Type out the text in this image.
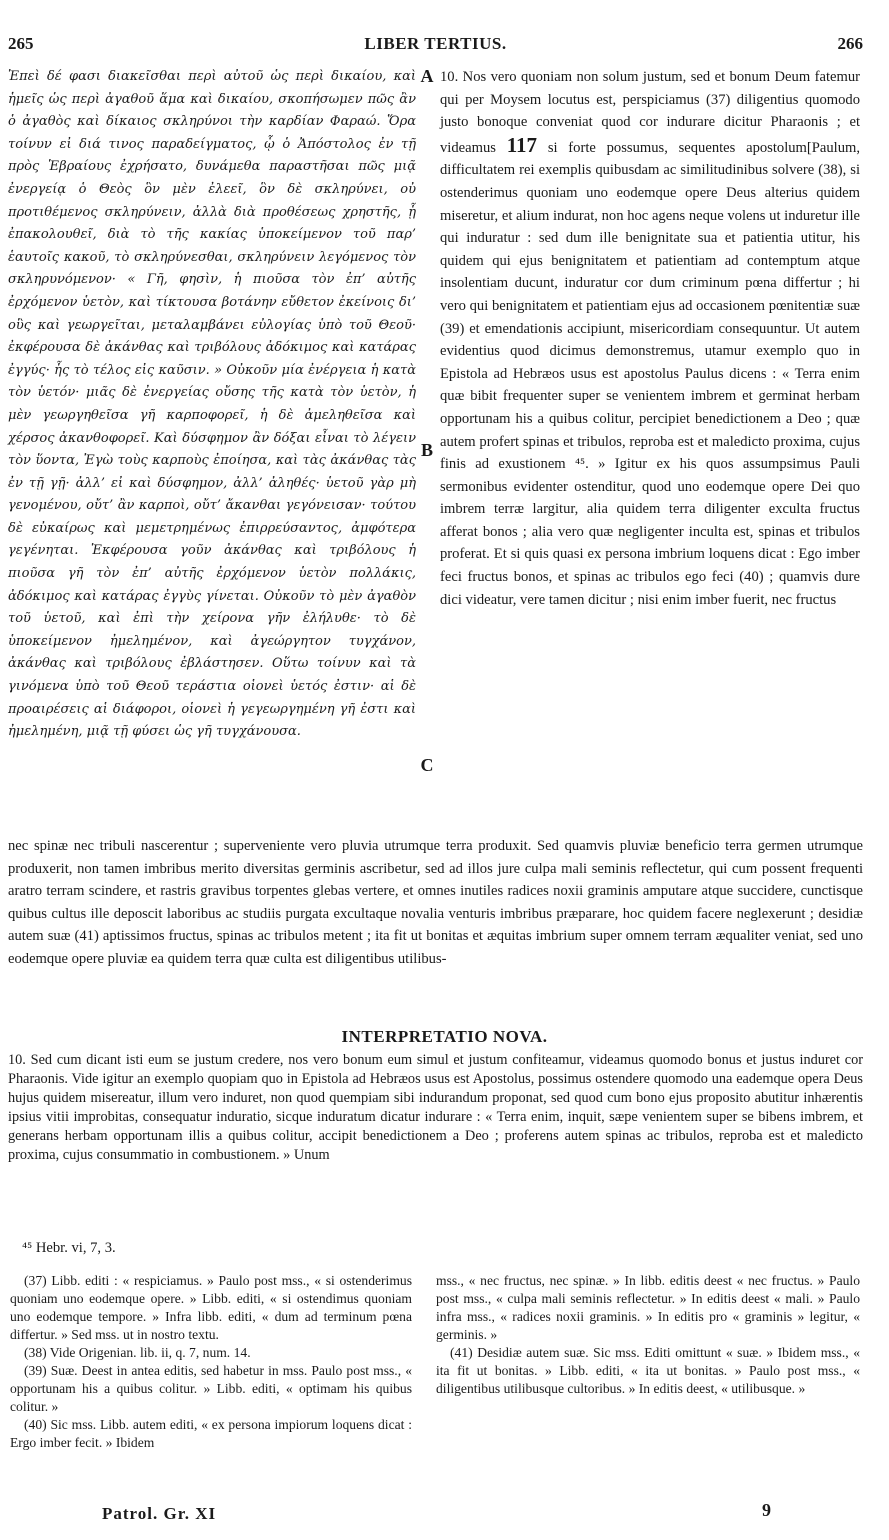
265	LIBER TERTIUS.	266
Ἐπεὶ δέ φασι διακεῖσθαι περὶ αὐτοῦ ὡς περὶ δικαίου, καὶ ἡμεῖς ὡς περὶ ἀγαθοῦ ἅμα καὶ δικαίου, σκοπήσωμεν πῶς ἂν ὁ ἀγαθὸς καὶ δίκαιος σκληρύνοι τὴν καρδίαν Φαραώ. Ὅρα τοίνυν εἰ διά τινος παραδείγματος, ᾧ ὁ Ἀπόστολος ἐν τῇ πρὸς Ἑβραίους ἐχρήσατο, δυνάμεθα παραστῆσαι πῶς μιᾷ ἐνεργείᾳ ὁ Θεὸς ὃν μὲν ἐλεεῖ, ὃν δὲ σκληρύνει, οὐ προτιθέμενος σκληρύνειν, ἀλλὰ διὰ προθέσεως χρηστῆς, ᾗ ἐπακολουθεῖ, διὰ τὸ τῆς κακίας ὑποκείμενον τοῦ παρ’ ἑαυτοῖς κακοῦ, τὸ σκληρύνεσθαι, σκληρύνειν λεγόμενος τὸν σκληρυνόμενον· « Γῆ, φησὶν, ἡ πιοῦσα τὸν ἐπ’ αὐτῆς ἐρχόμενον ὑετὸν, καὶ τίκτουσα βοτάνην εὔθετον ἐκείνοις δι’ οὓς καὶ γεωργεῖται, μεταλαμβάνει εὐλογίας ὑπὸ τοῦ Θεοῦ· ἐκφέρουσα δὲ ἀκάνθας καὶ τριβόλους ἀδόκιμος καὶ κατάρας ἐγγύς· ἧς τὸ τέλος εἰς καῦσιν. » Οὐκοῦν μία ἐνέργεια ἡ κατὰ τὸν ὑετόν· μιᾶς δὲ ἐνεργείας οὔσης τῆς κατὰ τὸν ὑετὸν, ἡ μὲν γεωργηθεῖσα γῆ καρποφορεῖ, ἡ δὲ ἀμεληθεῖσα καὶ χέρσος ἀκανθοφορεῖ. Καὶ δύσφημον ἂν δόξαι εἶναι τὸ λέγειν τὸν ὕοντα, Ἐγὼ τοὺς καρποὺς ἐποίησα, καὶ τὰς ἀκάνθας τὰς ἐν τῇ γῇ· ἀλλ’ εἰ καὶ δύσφημον, ἀλλ’ ἀληθές· ὑετοῦ γὰρ μὴ γενομένου, οὔτ’ ἂν καρποὶ, οὔτ’ ἄκανθαι γεγόνεισαν· τούτου δὲ εὐκαίρως καὶ μεμετρημένως ἐπιρρεύσαντος, ἀμφότερα γεγένηται. Ἐκφέρουσα γοῦν ἀκάνθας καὶ τριβόλους ἡ πιοῦσα γῆ τὸν ἐπ’ αὐτῆς ἐρχόμενον ὑετὸν πολλάκις, ἀδόκιμος καὶ κατάρας ἐγγὺς γίνεται. Οὐκοῦν τὸ μὲν ἀγαθὸν τοῦ ὑετοῦ, καὶ ἐπὶ τὴν χείρονα γῆν ἐλήλυθε· τὸ δὲ ὑποκείμενον ἠμελημένον, καὶ ἀγεώργητον τυγχάνον, ἀκάνθας καὶ τριβόλους ἐβλάστησεν. Οὕτω τοίνυν καὶ τὰ γινόμενα ὑπὸ τοῦ Θεοῦ τεράστια οἱονεὶ ὑετός ἐστιν· αἱ δὲ προαιρέσεις αἱ διάφοροι, οἱονεὶ ἡ γεγεωργημένη γῆ ἐστι καὶ ἠμελημένη, μιᾷ τῇ φύσει ὡς γῆ τυγχάνουσα.
A
B
C
10. Nos vero quoniam non solum justum, sed et bonum Deum fatemur qui per Moysem locutus est, perspiciamus (37) diligentius quomodo justo bonoque conveniat quod cor indurare dicitur Pharaonis ; et videamus 117 si forte possumus, sequentes apostolum[Paulum, difficultatem rei exemplis quibusdam ac similitudinibus solvere (38), si ostenderimus quoniam uno eodemque opere Deus alterius quidem miseretur, et alium indurat, non hoc agens neque volens ut induretur ille qui induratur : sed dum ille benignitate sua et patientia utitur, his quidem qui ejus benignitatem et patientiam ad contemptum atque insolentiam ducunt, induratur cor dum criminum pœna differtur ; hi vero qui benignitatem et patientiam ejus ad occasionem pœnitentiæ suæ (39) et emendationis accipiunt, misericordiam consequuntur. Ut autem evidentius quod dicimus demonstremus, utamur exemplo quo in Epistola ad Hebræos usus est apostolus Paulus dicens : « Terra enim quæ bibit frequenter super se venientem imbrem et germinat herbam opportunam his a quibus colitur, percipiet benedictionem a Deo ; quæ autem profert spinas et tribulos, reproba est et maledicto proxima, cujus finis ad exustionem ⁴⁵. » Igitur ex his quos assumpsimus Pauli sermonibus evidenter ostenditur, quod uno eodemque opere Dei quo imbrem terræ largitur, alia quidem terra diligenter exculta fructus afferat bonos ; alia vero quæ negligenter inculta est, spinas et tribulos proferat. Et si quis quasi ex persona imbrium loquens dicat : Ego imber feci fructus bonos, et spinas ac tribulos ego feci (40) ; quamvis dure dici videatur, vere tamen dicitur ; nisi enim imber fuerit, nec fructus
nec spinæ nec tribuli nascerentur ; superveniente vero pluvia utrumque terra produxit. Sed quamvis pluviæ beneficio terra germen utrumque produxerit, non tamen imbribus merito diversitas germinis ascribetur, sed ad illos jure culpa mali seminis reflectetur, qui cum possent frequenti aratro terram scindere, et rastris gravibus torpentes glebas vertere, et omnes inutiles radices noxii graminis amputare atque succidere, cunctisque quibus cultus ille deposcit laboribus ac studiis purgata excultaque novalia venturis imbribus præparare, hoc quidem facere neglexerunt ; desidiæ autem suæ (41) aptissimos fructus, spinas ac tribulos metent ; ita fit ut bonitas et æquitas imbrium super omnem terram æqualiter veniat, sed uno eodemque opere pluviæ ea quidem terra quæ culta est diligentibus utilibus-
INTERPRETATIO NOVA.
10. Sed cum dicant isti eum se justum credere, nos vero bonum eum simul et justum confiteamur, videamus quomodo bonus et justus induret cor Pharaonis. Vide igitur an exemplo quopiam quo in Epistola ad Hebræos usus est Apostolus, possimus ostendere quomodo una eademque opera Deus hujus quidem misereatur, illum vero induret, non quod quempiam sibi indurandum proponat, sed quod cum bono ejus proposito abutitur inhærentis ipsius vitii improbitas, consequatur induratio, sicque induratum dicatur indurare : « Terra enim, inquit, sæpe venientem super se bibens imbrem, et generans herbam opportunam illis a quibus colitur, accipit benedictionem a Deo ; proferens autem spinas ac tribulos, reproba est et maledicto proxima, cujus consummatio in combustionem. » Unum
⁴⁵ Hebr. vi, 7, 3.

(37) Libb. editi : « respiciamus. » Paulo post mss., « si ostenderimus quoniam uno eodemque opere. » Libb. editi, « si ostendimus quoniam uno eodemque tempore. » Infra libb. editi, « dum ad terminum pœna differtur. » Sed mss. ut in nostro textu.

(38) Vide Origenian. lib. ii, q. 7, num. 14.

(39) Suæ. Deest in antea editis, sed habetur in mss. Paulo post mss., « opportunam his a quibus colitur. » Libb. editi, « optimam his quibus colitur. »

(40) Sic mss. Libb. autem editi, « ex persona impiorum loquens dicat : Ergo imber fecit. » Ibidem

mss., « nec fructus, nec spinæ. » In libb. editis deest « nec fructus. » Paulo post mss., « culpa mali seminis reflectetur. » In editis deest « mali. » Paulo infra mss., « radices noxii graminis. » In editis pro « graminis » legitur, « germinis. »

(41) Desidiæ autem suæ. Sic mss. Editi omittunt « suæ. » Ibidem mss., « ita fit ut bonitas. » Libb. editi, « ita ut bonitas. » Paulo post mss., « diligentibus utilibusque cultoribus. » In editis deest, « utilibusque. »

Patrol. Gr. XI	9
